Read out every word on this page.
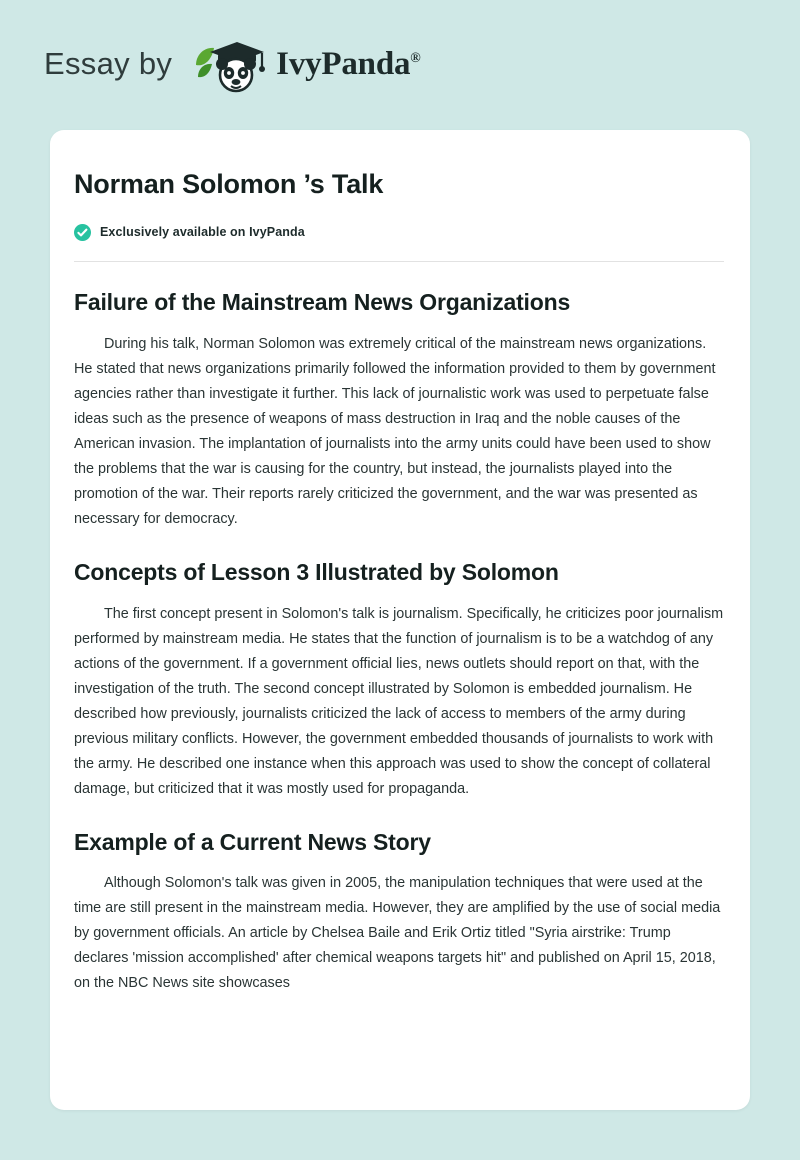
Essay by	IvyPanda®
Norman Solomon ’s Talk
Exclusively available on IvyPanda
Failure of the Mainstream News Organizations

During his talk, Norman Solomon was extremely critical of the mainstream news organizations. He stated that news organizations primarily followed the information provided to them by government agencies rather than investigate it further. This lack of journalistic work was used to perpetuate false ideas such as the presence of weapons of mass destruction in Iraq and the noble causes of the American invasion. The implantation of journalists into the army units could have been used to show the problems that the war is causing for the country, but instead, the journalists played into the promotion of the war. Their reports rarely criticized the government, and the war was presented as necessary for democracy.

Concepts of Lesson 3 Illustrated by Solomon

The first concept present in Solomon's talk is journalism. Specifically, he criticizes poor journalism performed by mainstream media. He states that the function of journalism is to be a watchdog of any actions of the government. If a government official lies, news outlets should report on that, with the investigation of the truth. The second concept illustrated by Solomon is embedded journalism. He described how previously, journalists criticized the lack of access to members of the army during previous military conflicts. However, the government embedded thousands of journalists to work with the army. He described one instance when this approach was used to show the concept of collateral damage, but criticized that it was mostly used for propaganda.

Example of a Current News Story

Although Solomon's talk was given in 2005, the manipulation techniques that were used at the time are still present in the mainstream media. However, they are amplified by the use of social media by government officials. An article by Chelsea Baile and Erik Ortiz titled "Syria airstrike: Trump declares 'mission accomplished' after chemical weapons targets hit" and published on April 15, 2018, on the NBC News site showcases
